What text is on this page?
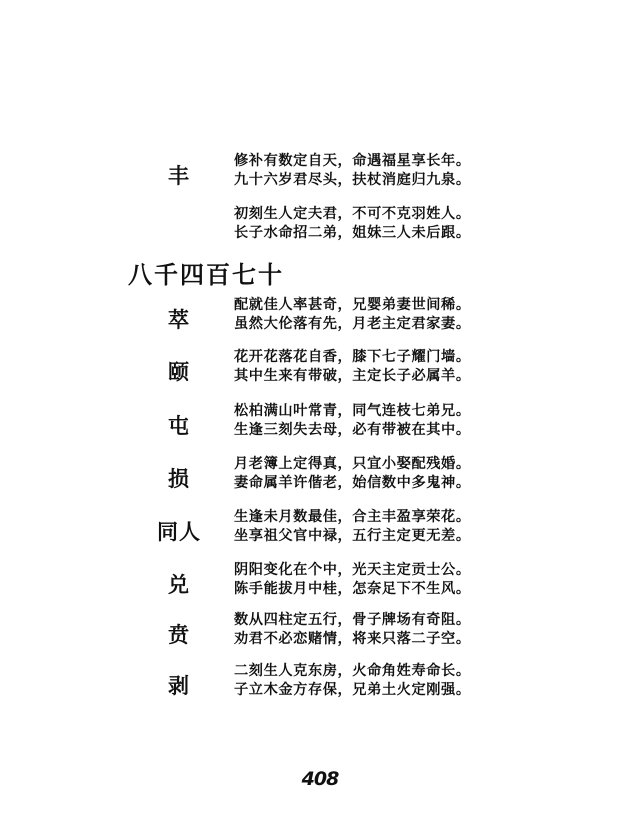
丰
修补有数定自天，命遇福星享长年。
九十六岁君尽头，扶杖消庭归九泉。
初刻生人定夫君，不可不克羽姓人。
长子水命招二弟，姐妹三人未后跟。
八千四百七十
萃
配就佳人率甚奇，兄婴弟妻世间稀。
虽然大伦落有先，月老主定君家妻。
颐
花开花落花自香，膝下七子耀门墙。
其中生来有带破，主定长子必属羊。
屯
松柏满山叶常青，同气连枝七弟兄。
生逢三刻失去母，必有带被在其中。
损
月老簿上定得真，只宜小娶配残婚。
妻命属羊许偕老，始信数中多鬼神。
同人
生逢未月数最佳，合主丰盈享荣花。
坐享祖父官中禄，五行主定更无差。
兑
阴阳变化在个中，光天主定贡士公。
陈手能拔月中桂，怎奈足下不生风。
贲
数从四柱定五行，骨子牌场有奇阻。
劝君不必恋赌情，将来只落二子空。
剥
二刻生人克东房，火命角姓寿命长。
子立木金方存保，兄弟土火定刚强。
408
